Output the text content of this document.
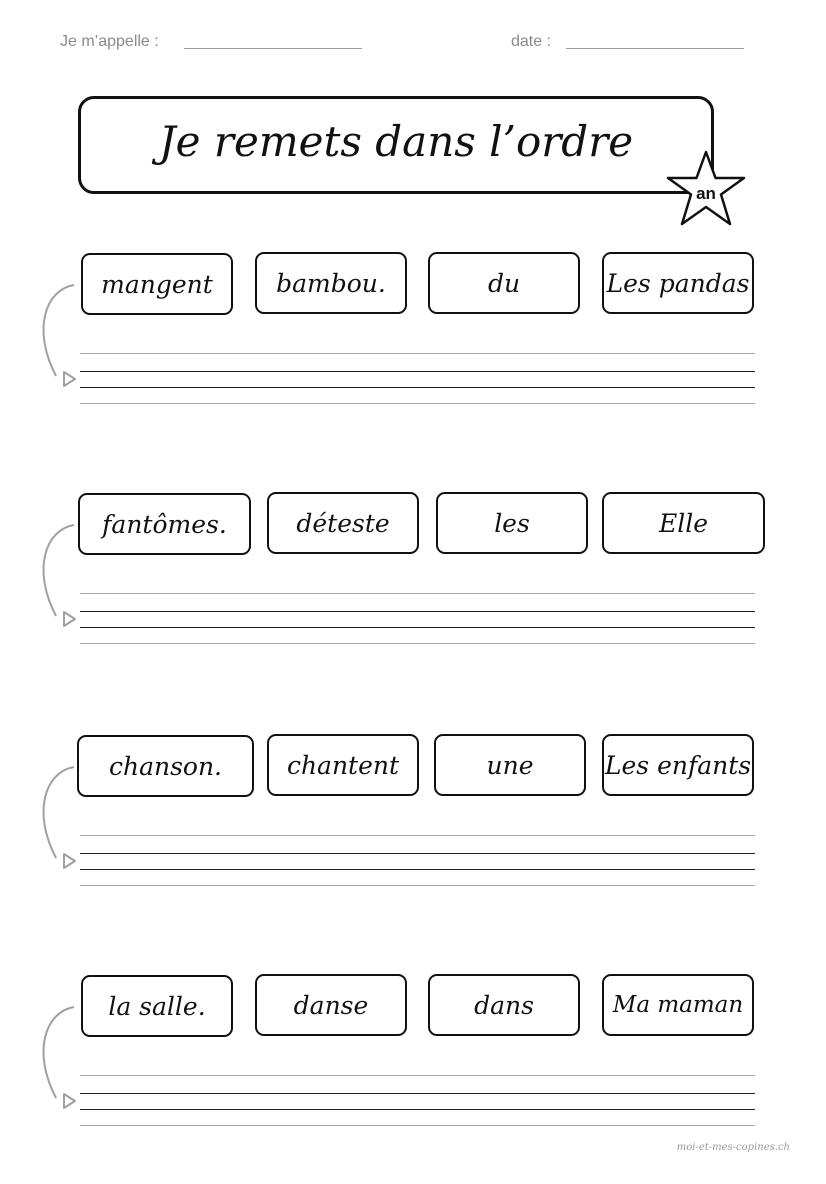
Je m’appelle :	date :
Je remets dans l’ordre
an
mangent	bambou.	du	Les pandas
fantômes.	déteste	les	Elle
chanson.	chantent	une	Les enfants
la salle.	danse	dans	Ma maman
moi-et-mes-copines.ch
